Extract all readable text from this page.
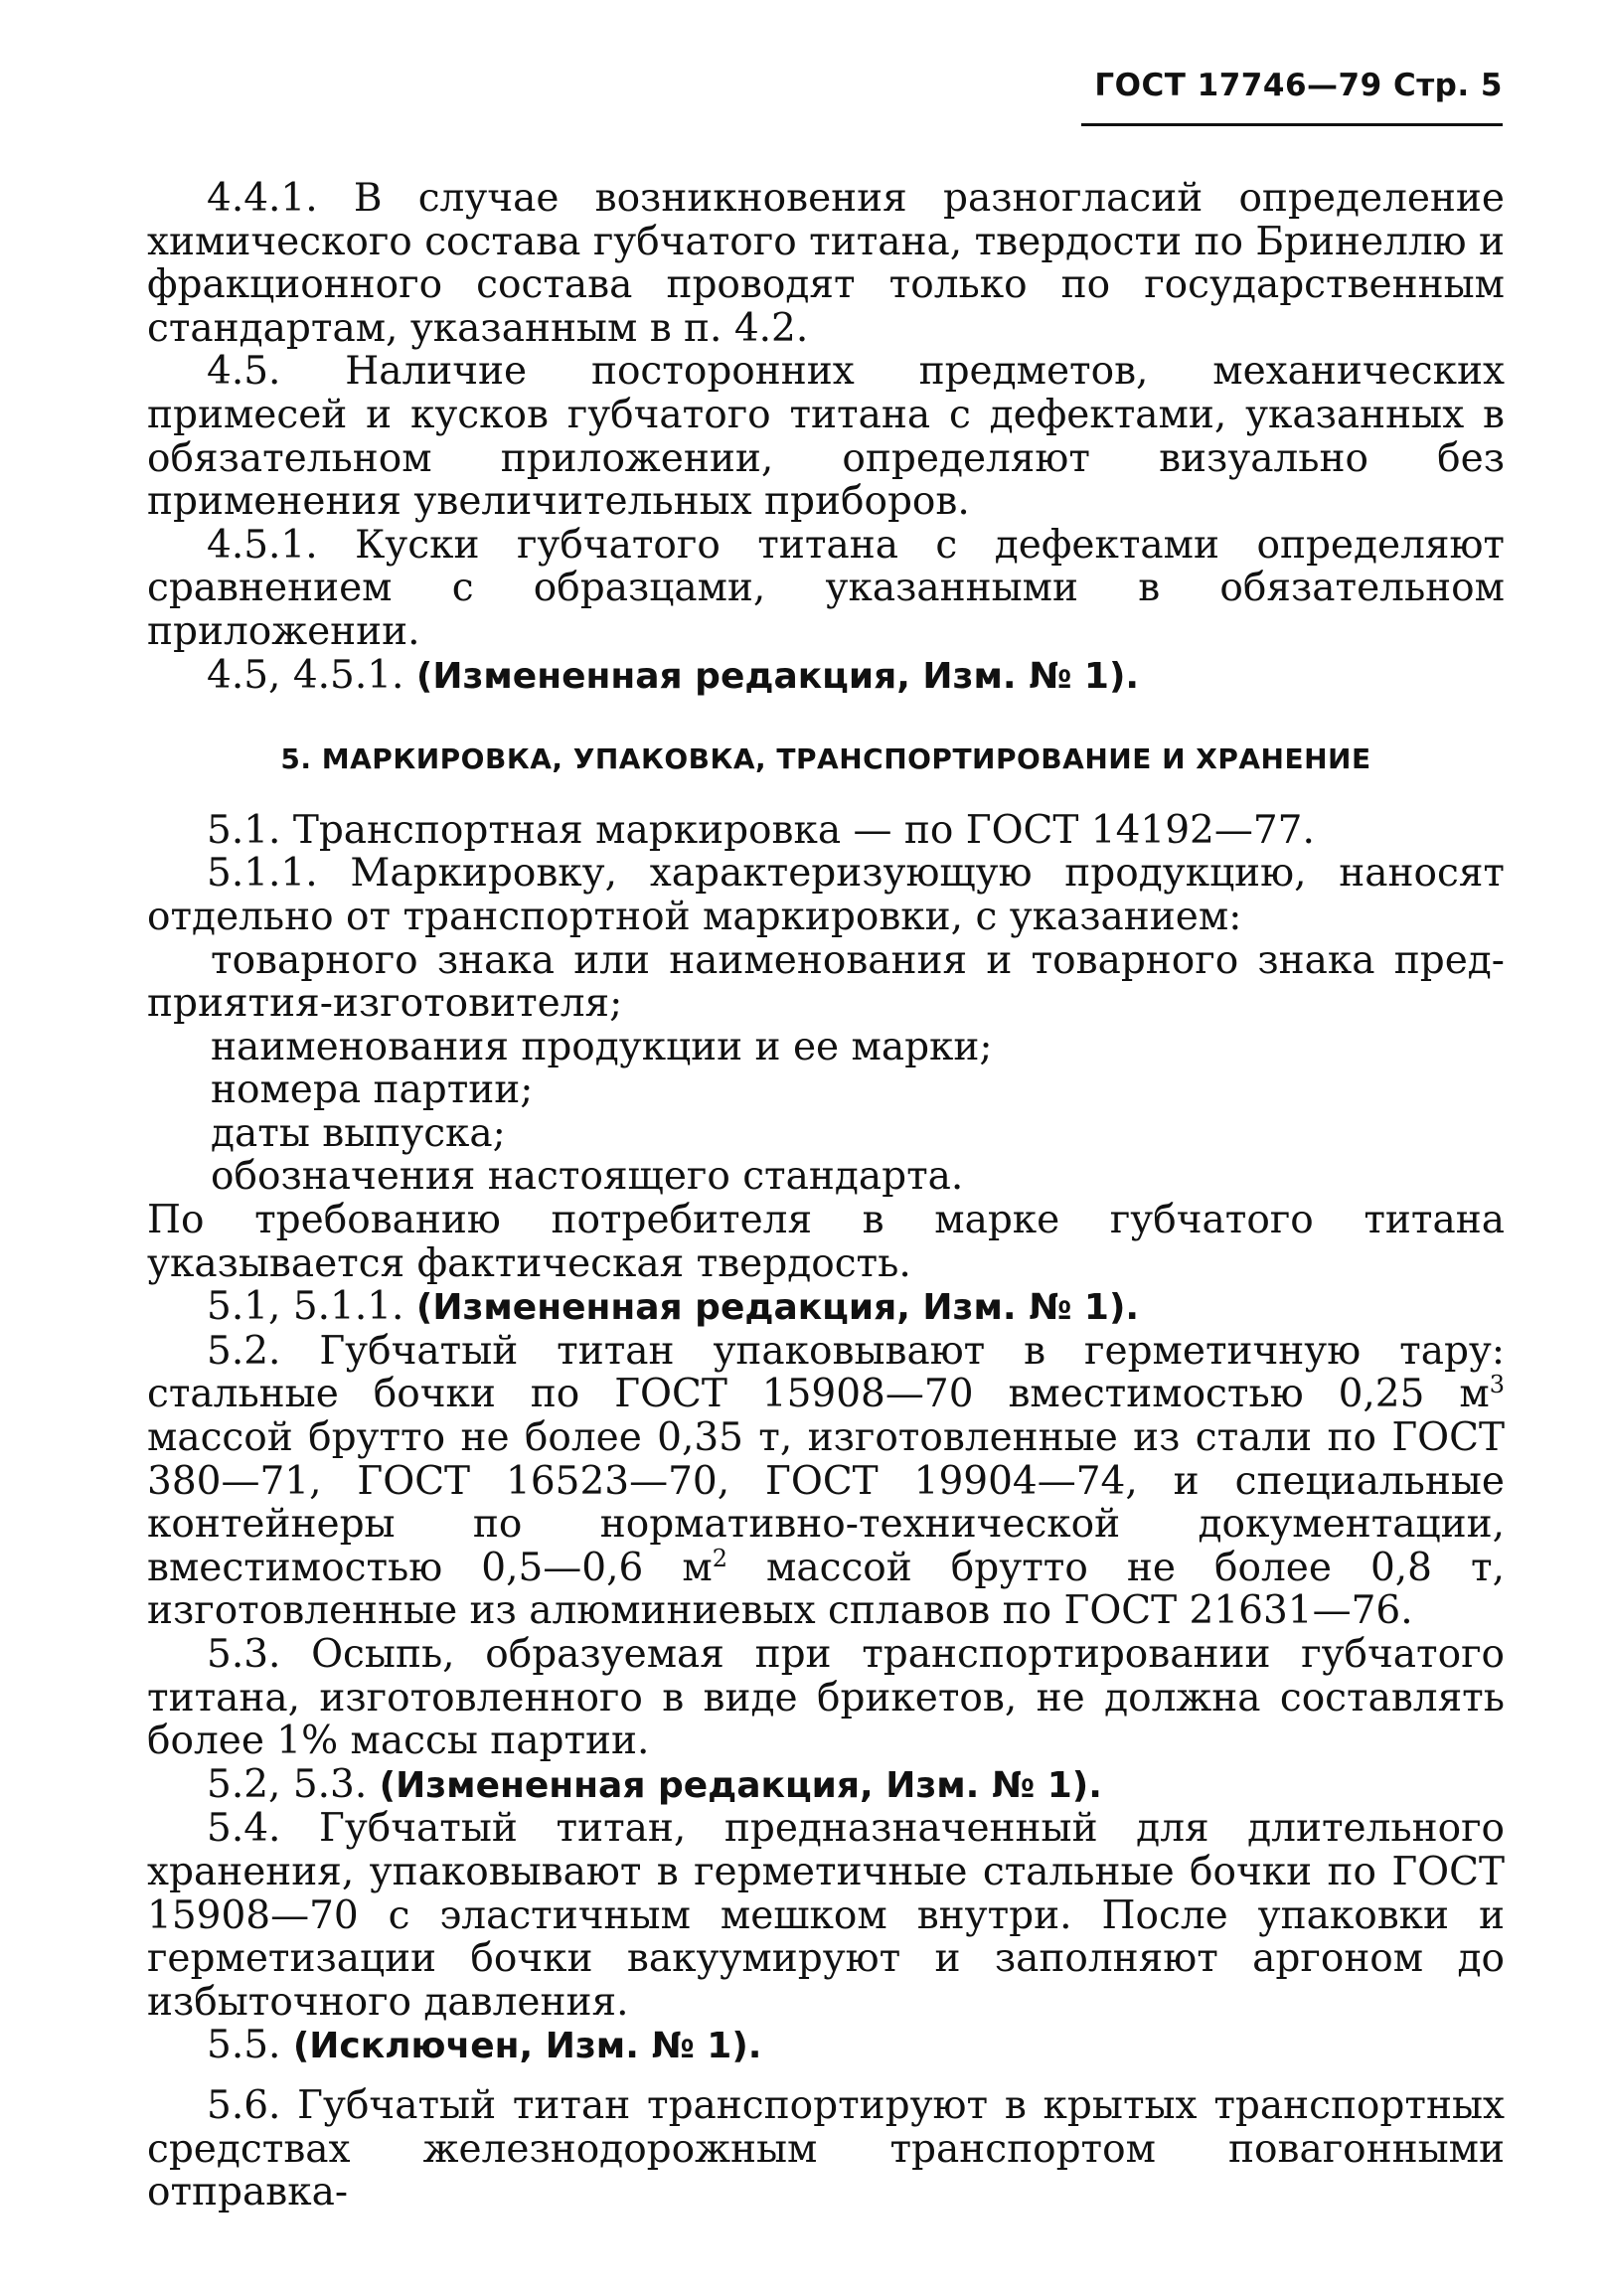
ГОСТ 17746—79 Стр. 5

4.4.1. В случае возникновения разногласий определение химического состава губчатого титана, твердости по Бринеллю и фракционного состава проводят только по государственным стандартам, указанным в п. 4.2.

4.5. Наличие посторонних предметов, механических примесей и кусков губчатого титана с дефектами, указанных в обязательном приложении, определяют визуально без применения увеличительных приборов.

4.5.1. Куски губчатого титана с дефектами определяют сравнением с образцами, указанными в обязательном приложении.

4.5, 4.5.1. (Измененная редакция, Изм. № 1).

5. МАРКИРОВКА, УПАКОВКА, ТРАНСПОРТИРОВАНИЕ И ХРАНЕНИЕ

5.1. Транспортная маркировка — по ГОСТ 14192—77.

5.1.1. Маркировку, характеризующую продукцию, наносят отдельно от транспортной маркировки, с указанием:

товарного знака или наименования и товарного знака пред-

приятия-изготовителя;

наименования продукции и ее марки;

номера партии;

даты выпуска;

обозначения настоящего стандарта.

По требованию потребителя в марке губчатого титана указывается фактическая твердость.

5.1, 5.1.1. (Измененная редакция, Изм. № 1).

5.2. Губчатый титан упаковывают в герметичную тару: стальные бочки по ГОСТ 15908—70 вместимостью 0,25 $м^3$ массой брутто не более 0,35 т, изготовленные из стали по ГОСТ 380—71, ГОСТ 16523—70, ГОСТ 19904—74, и специальные контейнеры по нормативно-технической документации, вместимостью 0,5—0,6 $м^2$ массой брутто не более 0,8 т, изготовленные из алюминиевых сплавов по ГОСТ 21631—76.

5.3. Осыпь, образуемая при транспортировании губчатого титана, изготовленного в виде брикетов, не должна составлять более 1% массы партии.

5.2, 5.3. (Измененная редакция, Изм. № 1).

5.4. Губчатый титан, предназначенный для длительного хранения, упаковывают в герметичные стальные бочки по ГОСТ 15908—70 с эластичным мешком внутри. После упаковки и герметизации бочки вакуумируют и заполняют аргоном до избыточного давления.

5.5. (Исключен, Изм. № 1).

5.6. Губчатый титан транспортируют в крытых транспортных средствах железнодорожным транспортом повагонными отправка-
